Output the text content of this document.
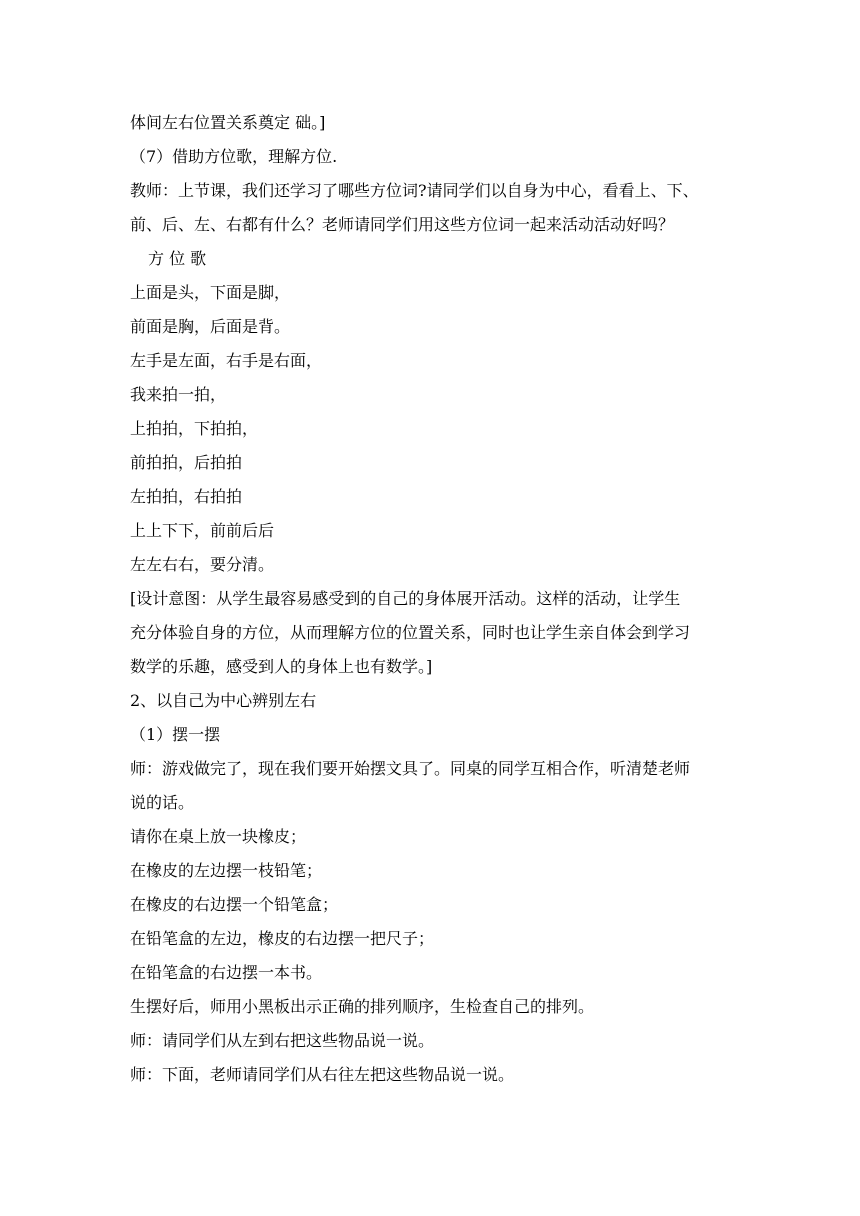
体间左右位置关系奠定 础。]
（7）借助方位歌，理解方位.
教师：上节课，我们还学习了哪些方位词?请同学们以自身为中心，看看上、下、
前、后、左、右都有什么？老师请同学们用这些方位词一起来活动活动好吗？
方 位 歌
上面是头，下面是脚，
前面是胸，后面是背。
左手是左面，右手是右面，
我来拍一拍，
上拍拍，下拍拍，
前拍拍，后拍拍
左拍拍，右拍拍
上上下下，前前后后
左左右右，要分清。
[设计意图：从学生最容易感受到的自己的身体展开活动。这样的活动，让学生
充分体验自身的方位，从而理解方位的位置关系，同时也让学生亲自体会到学习
数学的乐趣，感受到人的身体上也有数学。]
2、以自己为中心辨别左右
（1）摆一摆
师：游戏做完了，现在我们要开始摆文具了。同桌的同学互相合作，听清楚老师
说的话。
请你在桌上放一块橡皮；
在橡皮的左边摆一枝铅笔；
在橡皮的右边摆一个铅笔盒；
在铅笔盒的左边，橡皮的右边摆一把尺子；
在铅笔盒的右边摆一本书。
生摆好后，师用小黑板出示正确的排列顺序，生检查自己的排列。
师：请同学们从左到右把这些物品说一说。
师：下面，老师请同学们从右往左把这些物品说一说。
